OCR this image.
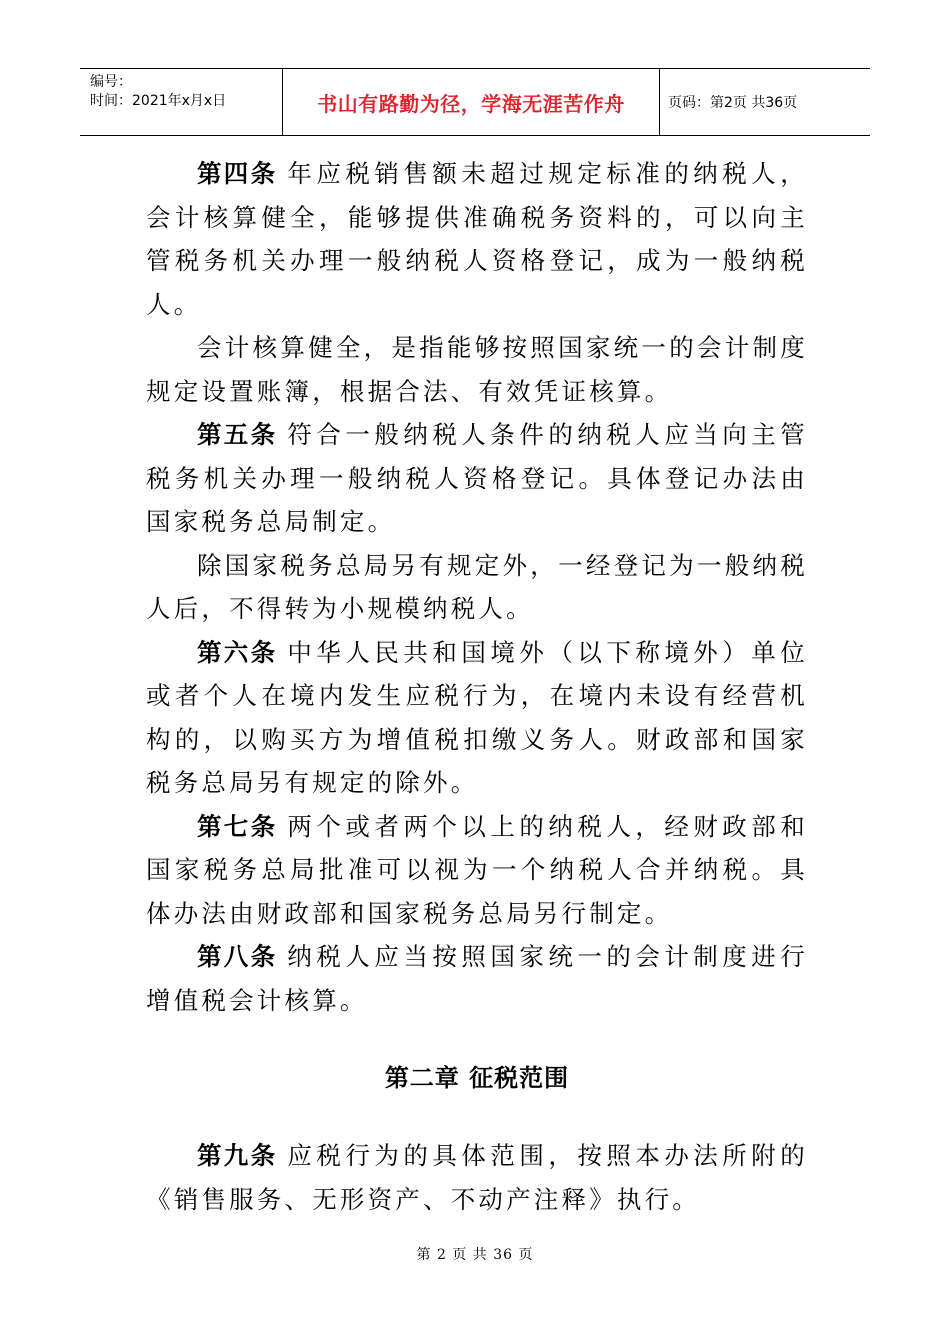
编号：
时间：2021年x月x日	书山有路勤为径，学海无涯苦作舟	页码：第2页 共36页

第四条 年应税销售额未超过规定标准的纳税人，会计核算健全，能够提供准确税务资料的，可以向主管税务机关办理一般纳税人资格登记，成为一般纳税人。

会计核算健全，是指能够按照国家统一的会计制度规定设置账簿，根据合法、有效凭证核算。

第五条 符合一般纳税人条件的纳税人应当向主管税务机关办理一般纳税人资格登记。具体登记办法由国家税务总局制定。

除国家税务总局另有规定外，一经登记为一般纳税人后，不得转为小规模纳税人。

第六条 中华人民共和国境外（以下称境外）单位或者个人在境内发生应税行为，在境内未设有经营机构的，以购买方为增值税扣缴义务人。财政部和国家税务总局另有规定的除外。

第七条 两个或者两个以上的纳税人，经财政部和国家税务总局批准可以视为一个纳税人合并纳税。具体办法由财政部和国家税务总局另行制定。

第八条 纳税人应当按照国家统一的会计制度进行增值税会计核算。

第二章 征税范围

第九条 应税行为的具体范围，按照本办法所附的《销售服务、无形资产、不动产注释》执行。

第 2 页 共 36 页
